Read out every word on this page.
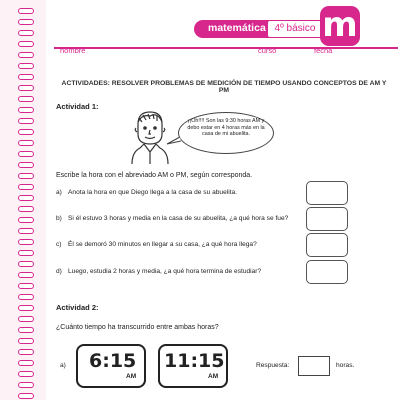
matemática 4º básico m
nombre	curso	fecha
ACTIVIDADES: RESOLVER PROBLEMAS DE MEDICIÓN DE TIEMPO USANDO CONCEPTOS DE AM Y PM
Actividad 1:
¡¡Oh!!!! Son las 9:30 horas AM y debo estar en 4 horas más en la casa de mi abuelita.
Escribe la hora con el abreviado AM o PM, según corresponda.
a) Anota la hora en que Diego llega a la casa de su abuelita.
b) Si él estuvo 3 horas y media en la casa de su abuelita, ¿a qué hora se fue?
c) Él se demoró 30 minutos en llegar a su casa, ¿a qué hora llega?
d) Luego, estudia 2 horas y media, ¿a qué hora termina de estudiar?
Actividad 2:
¿Cuánto tiempo ha transcurrido entre ambas horas?
a) 6:15
AM
11:15
AM
Respuesta:	horas.
